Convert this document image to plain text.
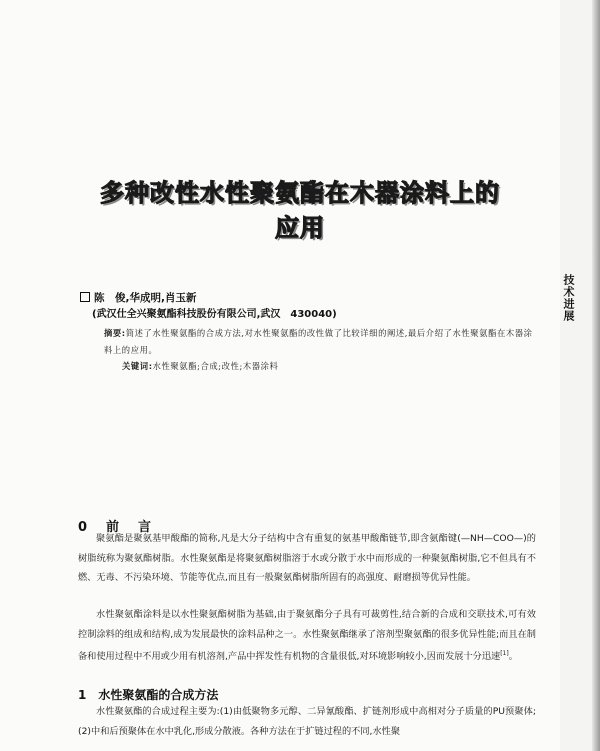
技术进展
多种改性水性聚氨酯在木器涂料上的
应用
陈　俊,华成明,肖玉新
(武汉仕全兴聚氨酯科技股份有限公司,武汉　430040)
摘要:简述了水性聚氨酯的合成方法,对水性聚氨酯的改性做了比较详细的阐述,最后介绍了水性聚氨酯在木器涂料上的应用。
关键词:水性聚氨酯;合成;改性;木器涂料
0　前　言
聚氨酯是聚氨基甲酸酯的简称,凡是大分子结构中含有重复的氨基甲酸酯链节,即含氨酯键(—NH—COO—)的树脂统称为聚氨酯树脂。水性聚氨酯是将聚氨酯树脂溶于水或分散于水中而形成的一种聚氨酯树脂,它不但具有不燃、无毒、不污染环境、节能等优点,而且有一般聚氨酯树脂所固有的高强度、耐磨损等优异性能。
水性聚氨酯涂料是以水性聚氨酯树脂为基础,由于聚氨酯分子具有可裁剪性,结合新的合成和交联技术,可有效控制涂料的组成和结构,成为发展最快的涂料品种之一。水性聚氨酯继承了溶剂型聚氨酯的很多优异性能;而且在制备和使用过程中不用或少用有机溶剂,产品中挥发性有机物的含量很低,对环境影响较小,因而发展十分迅速[1]。
1　水性聚氨酯的合成方法
水性聚氨酯的合成过程主要为:(1)由低聚物多元醇、二异氰酸酯、扩链剂形成中高相对分子质量的PU预聚体;(2)中和后预聚体在水中乳化,形成分散液。各种方法在于扩链过程的不同,水性聚
